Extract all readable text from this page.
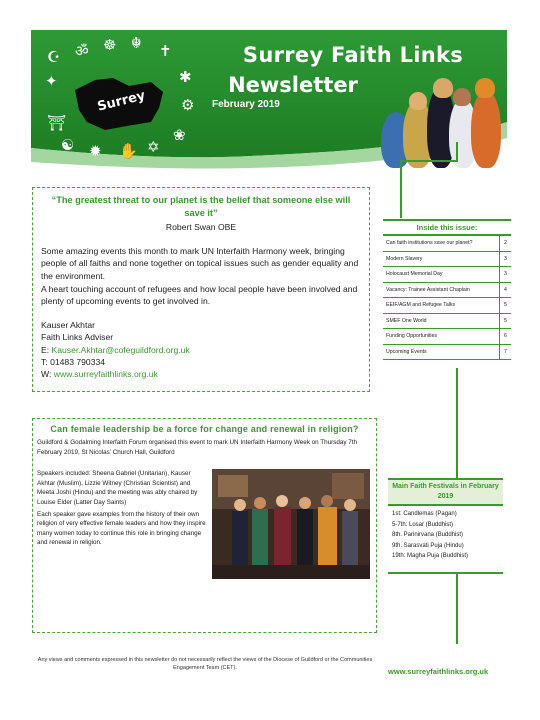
Surrey
☪ ॐ ☸ ☬ ✝
✦	✱
⛩
⚙
☯ ✹ ✋ ✡
❀
Surrey Faith Links
Newsletter
February 2019
“The greatest threat to our planet is the belief that someone else will save it”
Robert Swan OBE
Some amazing events this month to mark UN Interfaith Harmony week, bringing people of all faiths and none together on topical issues such as gender equality and the environment.
A heart touching account of refugees and how local people have been involved and plenty of upcoming events to get involved in.
Kauser Akhtar
Faith Links Adviser
E: Kauser.Akhtar@cofeguildford.org.uk
T: 01483 790334
W: www.surreyfaithlinks.org.uk
Inside this issue:
Can faith institutions save our planet?	2
Modern Slavery	3
Holocaust Memorial Day	3
Vacancy: Trainee Assistant Chaplain	4
EEIF/AGM and Refugee Talks	5
SMEF One World	5
Funding Opportunities	6
Upcoming Events	7
Can female leadership be a force for change and renewal in religion?
Guildford & Godalming Interfaith Forum organised this event to mark UN Interfaith Harmony Week on Thursday 7th February 2019, St Nicolas’ Church Hall, Guildford
Speakers included: Sheena Gabriel (Unitarian), Kauser Akhtar (Muslim), Lizzie Witney (Christian Scientist) and Meeta Joshi (Hindu) and the meeting was ably chaired by Louise Elder (Latter Day Saints)
Each speaker gave examples from the history of their own religion of very effective female leaders and how they inspire many women today to continue this role in bringing change and renewal in religion.
Main Faith Festivals in February 2019
1st: Candlemas (Pagan)
5-7th: Losar (Buddhist)
8th. Parinirvana (Buddhist)
9th. Sarasvati Puja (Hindu)
19th: Magha Puja (Buddhist)
Any views and comments expressed in this newsletter do not necessarily reflect the views of the Diocese of Guildford or the Communities Engagement Team (CET).	www.surreyfaithlinks.org.uk
